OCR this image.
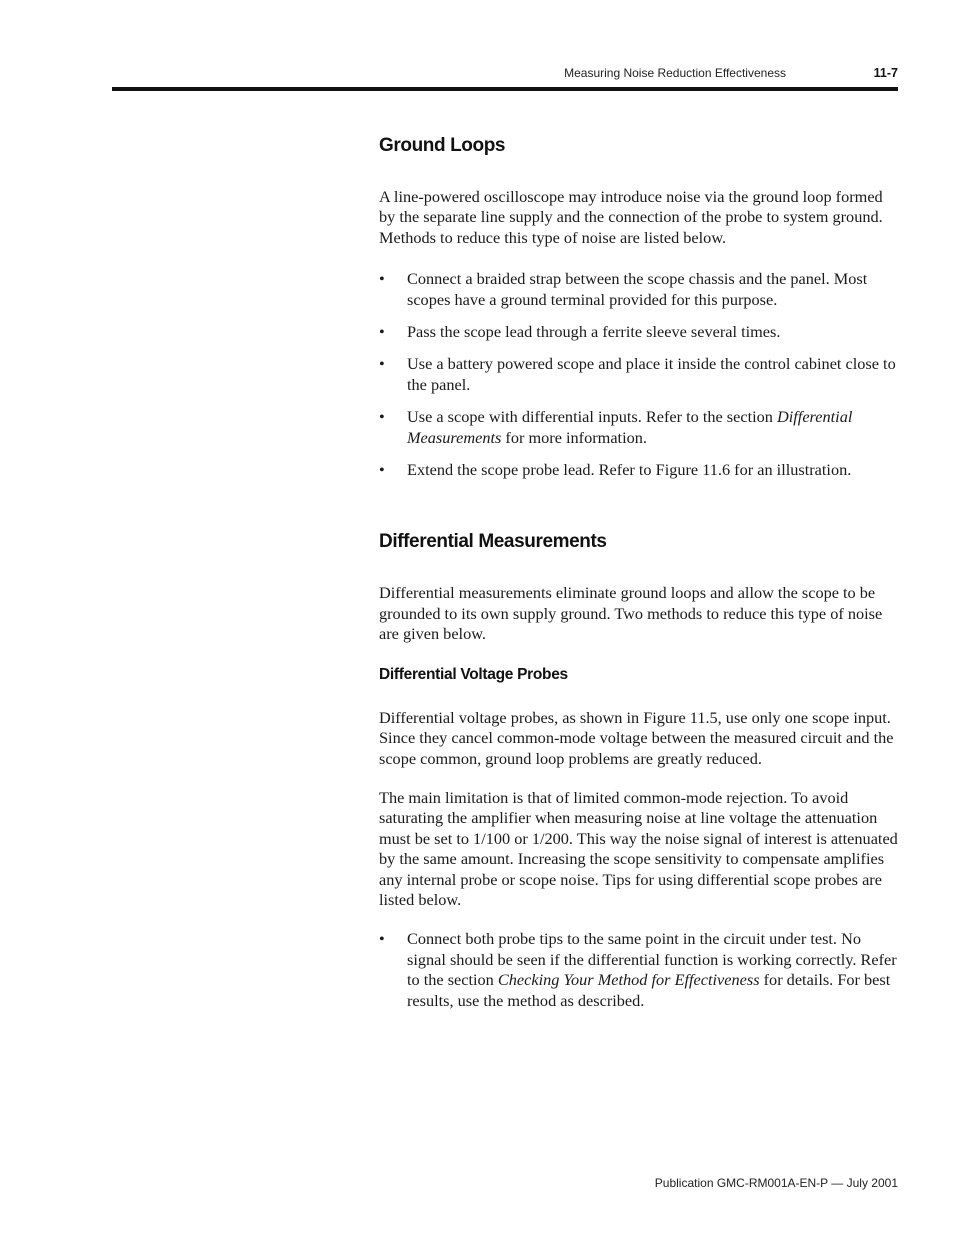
Measuring Noise Reduction Effectiveness	11-7
Ground Loops

A line-powered oscilloscope may introduce noise via the ground loop formed by the separate line supply and the connection of the probe to system ground. Methods to reduce this type of noise are listed below.

• Connect a braided strap between the scope chassis and the panel. Most scopes have a ground terminal provided for this purpose.
• Pass the scope lead through a ferrite sleeve several times.
• Use a battery powered scope and place it inside the control cabinet close to the panel.
• Use a scope with differential inputs. Refer to the section Differential Measurements for more information.
• Extend the scope probe lead. Refer to Figure 11.6 for an illustration.
Differential Measurements

Differential measurements eliminate ground loops and allow the scope to be grounded to its own supply ground. Two methods to reduce this type of noise are given below.

Differential Voltage Probes

Differential voltage probes, as shown in Figure 11.5, use only one scope input. Since they cancel common-mode voltage between the measured circuit and the scope common, ground loop problems are greatly reduced.

The main limitation is that of limited common-mode rejection. To avoid saturating the amplifier when measuring noise at line voltage the attenuation must be set to 1/100 or 1/200. This way the noise signal of interest is attenuated by the same amount. Increasing the scope sensitivity to compensate amplifies any internal probe or scope noise. Tips for using differential scope probes are listed below.

• Connect both probe tips to the same point in the circuit under test. No signal should be seen if the differential function is working correctly. Refer to the section Checking Your Method for Effectiveness for details. For best results, use the method as described.
Publication GMC-RM001A-EN-P — July 2001
